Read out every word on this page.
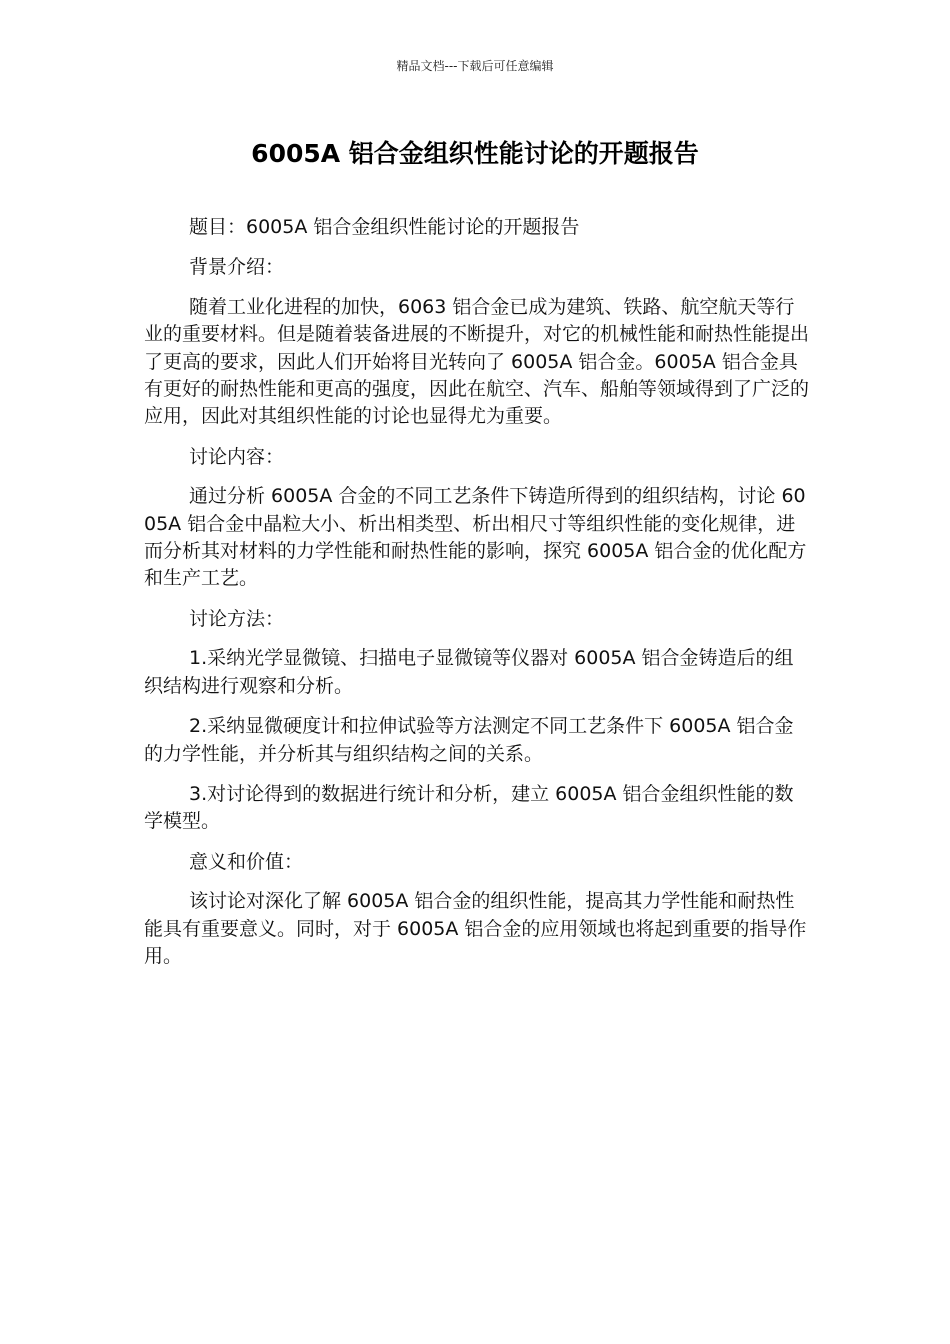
精品文档---下载后可任意编辑
6005A 铝合金组织性能讨论的开题报告

题目：6005A 铝合金组织性能讨论的开题报告

背景介绍：

随着工业化进程的加快，6063 铝合金已成为建筑、铁路、航空航天等行业的重要材料。但是随着装备进展的不断提升，对它的机械性能和耐热性能提出了更高的要求，因此人们开始将目光转向了 6005A 铝合金。6005A 铝合金具有更好的耐热性能和更高的强度，因此在航空、汽车、船舶等领域得到了广泛的应用，因此对其组织性能的讨论也显得尤为重要。

讨论内容：

通过分析 6005A 合金的不同工艺条件下铸造所得到的组织结构，讨论 6005A 铝合金中晶粒大小、析出相类型、析出相尺寸等组织性能的变化规律，进而分析其对材料的力学性能和耐热性能的影响，探究 6005A 铝合金的优化配方和生产工艺。

讨论方法：

1.采纳光学显微镜、扫描电子显微镜等仪器对 6005A 铝合金铸造后的组织结构进行观察和分析。

2.采纳显微硬度计和拉伸试验等方法测定不同工艺条件下 6005A 铝合金的力学性能，并分析其与组织结构之间的关系。

3.对讨论得到的数据进行统计和分析，建立 6005A 铝合金组织性能的数学模型。

意义和价值：

该讨论对深化了解 6005A 铝合金的组织性能，提高其力学性能和耐热性能具有重要意义。同时，对于 6005A 铝合金的应用领域也将起到重要的指导作用。
